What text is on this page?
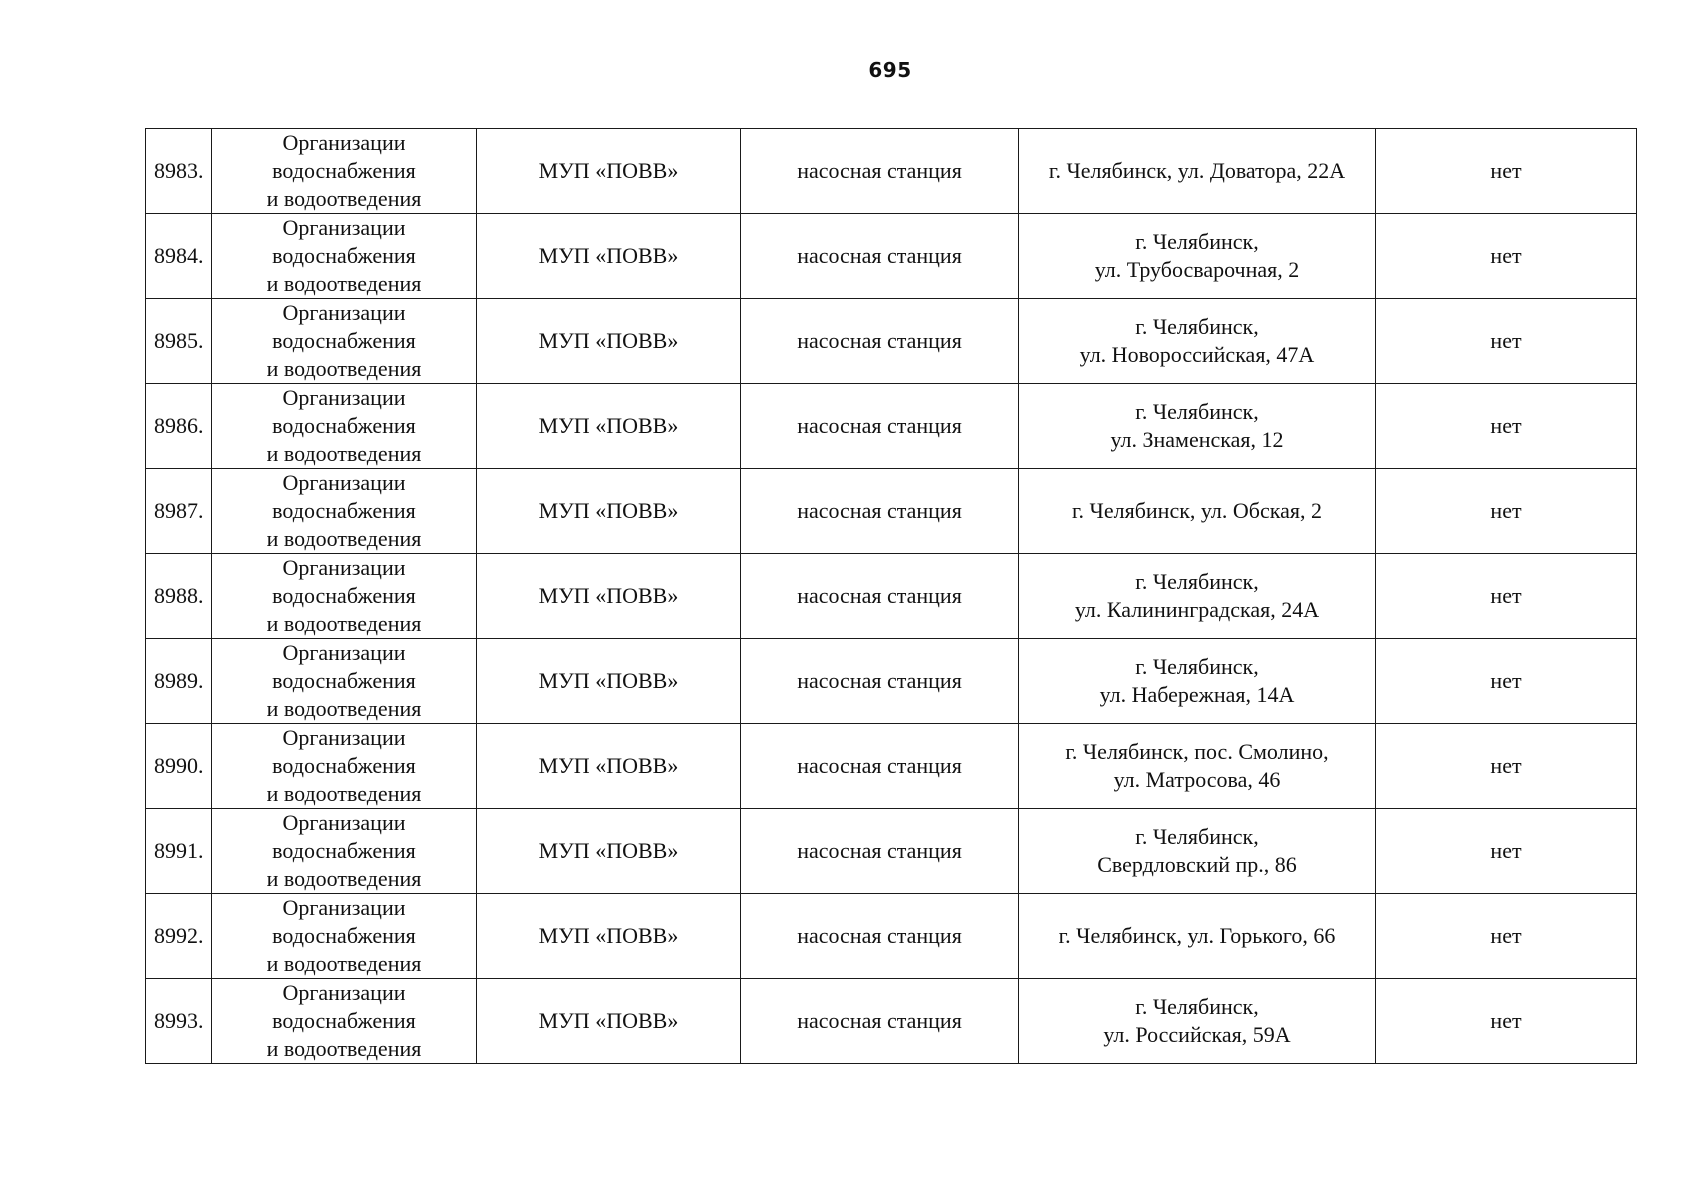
695
8983.	Организации
водоснабжения
и водоотведения	МУП «ПОВВ»	насосная станция	г. Челябинск, ул. Доватора, 22А	нет
8984.	Организации
водоснабжения
и водоотведения	МУП «ПОВВ»	насосная станция	г. Челябинск,
ул. Трубосварочная, 2	нет
8985.	Организации
водоснабжения
и водоотведения	МУП «ПОВВ»	насосная станция	г. Челябинск,
ул. Новороссийская, 47А	нет
8986.	Организации
водоснабжения
и водоотведения	МУП «ПОВВ»	насосная станция	г. Челябинск,
ул. Знаменская, 12	нет
8987.	Организации
водоснабжения
и водоотведения	МУП «ПОВВ»	насосная станция	г. Челябинск, ул. Обская, 2	нет
8988.	Организации
водоснабжения
и водоотведения	МУП «ПОВВ»	насосная станция	г. Челябинск,
ул. Калининградская, 24А	нет
8989.	Организации
водоснабжения
и водоотведения	МУП «ПОВВ»	насосная станция	г. Челябинск,
ул. Набережная, 14А	нет
8990.	Организации
водоснабжения
и водоотведения	МУП «ПОВВ»	насосная станция	г. Челябинск, пос. Смолино,
ул. Матросова, 46	нет
8991.	Организации
водоснабжения
и водоотведения	МУП «ПОВВ»	насосная станция	г. Челябинск,
Свердловский пр., 86	нет
8992.	Организации
водоснабжения
и водоотведения	МУП «ПОВВ»	насосная станция	г. Челябинск, ул. Горького, 66	нет
8993.	Организации
водоснабжения
и водоотведения	МУП «ПОВВ»	насосная станция	г. Челябинск,
ул. Российская, 59А	нет
